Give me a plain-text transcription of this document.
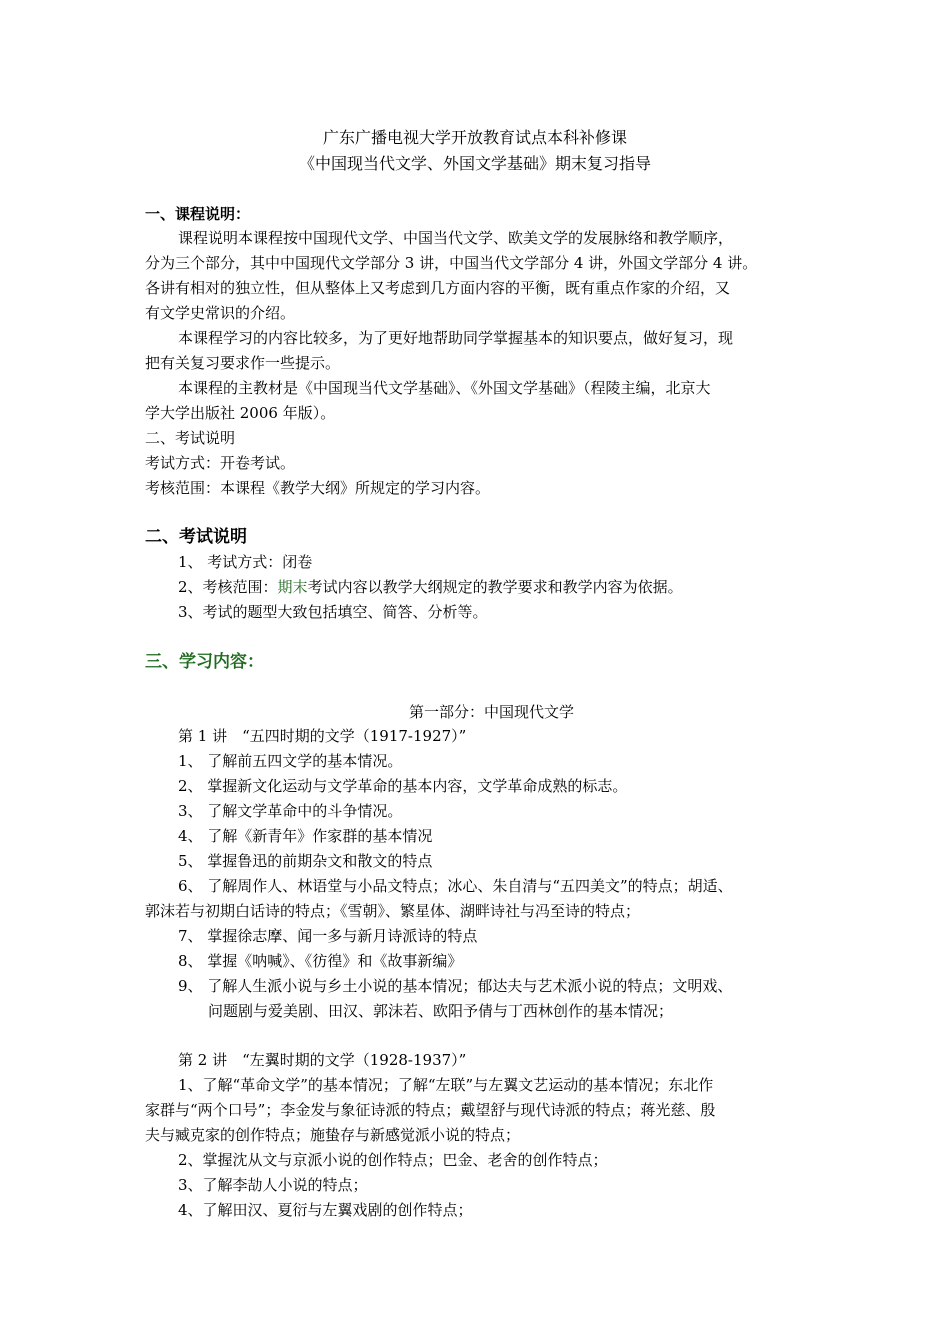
广东广播电视大学开放教育试点本科补修课
《中国现当代文学、外国文学基础》期末复习指导
一、课程说明：
课程说明本课程按中国现代文学、中国当代文学、欧美文学的发展脉络和教学顺序，
分为三个部分，其中中国现代文学部分 3 讲，中国当代文学部分 4 讲，外国文学部分 4 讲。
各讲有相对的独立性，但从整体上又考虑到几方面内容的平衡，既有重点作家的介绍，又
有文学史常识的介绍。
本课程学习的内容比较多，为了更好地帮助同学掌握基本的知识要点，做好复习，现
把有关复习要求作一些提示。
本课程的主教材是《中国现当代文学基础》、《外国文学基础》（程陵主编，北京大
学大学出版社 2006 年版）。
二、考试说明
考试方式：开卷考试。
考核范围：本课程《教学大纲》所规定的学习内容。
二、考试说明
1、 考试方式：闭卷
2、考核范围：期末考试内容以教学大纲规定的教学要求和教学内容为依据。
3、考试的题型大致包括填空、简答、分析等。
三、学习内容：
第一部分：中国现代文学
第 1 讲　“五四时期的文学（1917-1927）”
1、 了解前五四文学的基本情况。
2、 掌握新文化运动与文学革命的基本内容，文学革命成熟的标志。
3、 了解文学革命中的斗争情况。
4、 了解《新青年》作家群的基本情况
5、 掌握鲁迅的前期杂文和散文的特点
6、 了解周作人、林语堂与小品文特点；冰心、朱自清与“五四美文”的特点；胡适、
郭沫若与初期白话诗的特点；《雪朝》、繁星体、湖畔诗社与冯至诗的特点；
7、 掌握徐志摩、闻一多与新月诗派诗的特点
8、 掌握《呐喊》、《彷徨》和《故事新编》
9、 了解人生派小说与乡土小说的基本情况；郁达夫与艺术派小说的特点；文明戏、
问题剧与爱美剧、田汉、郭沫若、欧阳予倩与丁西林创作的基本情况；
第 2 讲　“左翼时期的文学（1928-1937）”
1、了解“革命文学”的基本情况；了解“左联”与左翼文艺运动的基本情况；东北作
家群与“两个口号”；李金发与象征诗派的特点；戴望舒与现代诗派的特点；蒋光慈、殷
夫与臧克家的创作特点；施蛰存与新感觉派小说的特点；
2、掌握沈从文与京派小说的创作特点；巴金、老舍的创作特点；
3、了解李劼人小说的特点；
4、了解田汉、夏衍与左翼戏剧的创作特点；
